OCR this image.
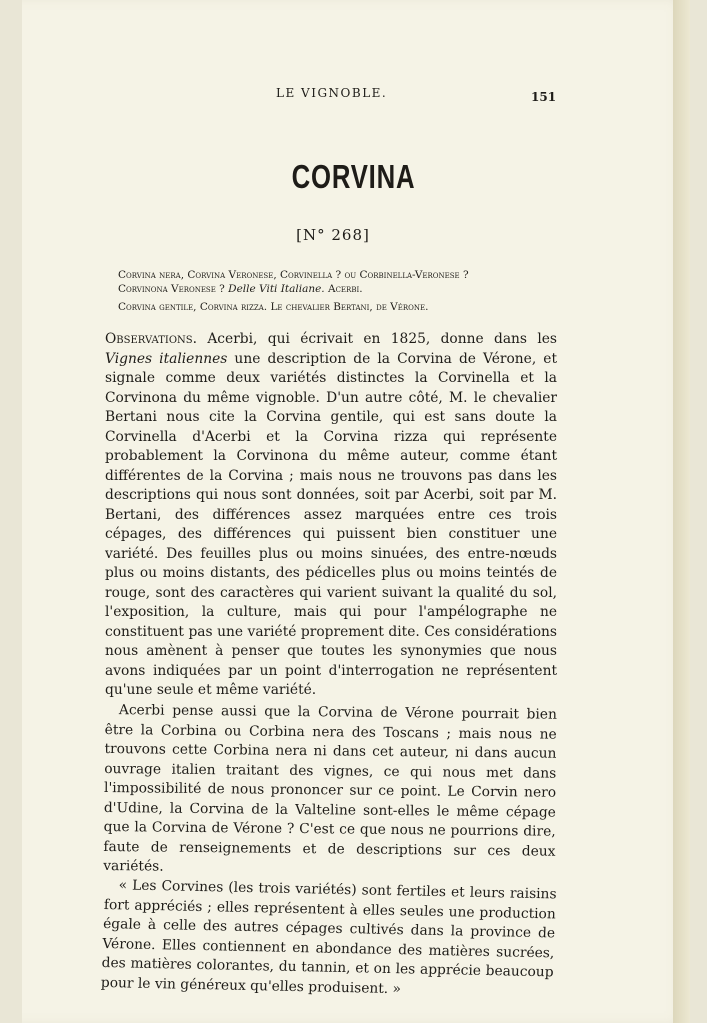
LE VIGNOBLE.	151
CORVINA
[N° 268]
Corvina nera, Corvina Veronese, Corvinella ? ou Corbinella-Veronese ?
Corvinona Veronese ? Delle Viti Italiane. Acerbi.
Corvina gentile, Corvina rizza. Le chevalier Bertani, de Vérone.

Observations. Acerbi, qui écrivait en 1825, donne dans les Vignes italiennes une description de la Corvina de Vérone, et signale comme deux variétés distinctes la Corvinella et la Corvinona du même vignoble. D'un autre côté, M. le chevalier Bertani nous cite la Corvina gentile, qui est sans doute la Corvinella d'Acerbi et la Corvina rizza qui représente probablement la Corvinona du même auteur, comme étant différentes de la Corvina ; mais nous ne trouvons pas dans les descriptions qui nous sont données, soit par Acerbi, soit par M. Bertani, des différences assez marquées entre ces trois cépages, des différences qui puissent bien constituer une variété. Des feuilles plus ou moins sinuées, des entre-nœuds plus ou moins distants, des pédicelles plus ou moins teintés de rouge, sont des caractères qui varient suivant la qualité du sol, l'exposition, la culture, mais qui pour l'ampélographe ne constituent pas une variété proprement dite. Ces considérations nous amènent à penser que toutes les synonymies que nous avons indiquées par un point d'interrogation ne représentent qu'une seule et même variété.

Acerbi pense aussi que la Corvina de Vérone pourrait bien être la Corbina ou Corbina nera des Toscans ; mais nous ne trouvons cette Corbina nera ni dans cet auteur, ni dans aucun ouvrage italien traitant des vignes, ce qui nous met dans l'impossibilité de nous prononcer sur ce point. Le Corvin nero d'Udine, la Corvina de la Valteline sont-elles le même cépage que la Corvina de Vérone ? C'est ce que nous ne pourrions dire, faute de renseignements et de descriptions sur ces deux variétés.

« Les Corvines (les trois variétés) sont fertiles et leurs raisins fort appréciés ; elles représentent à elles seules une production égale à celle des autres cépages cultivés dans la province de Vérone. Elles contiennent en abondance des matières sucrées, des matières colorantes, du tannin, et on les apprécie beaucoup pour le vin généreux qu'elles produisent. »
